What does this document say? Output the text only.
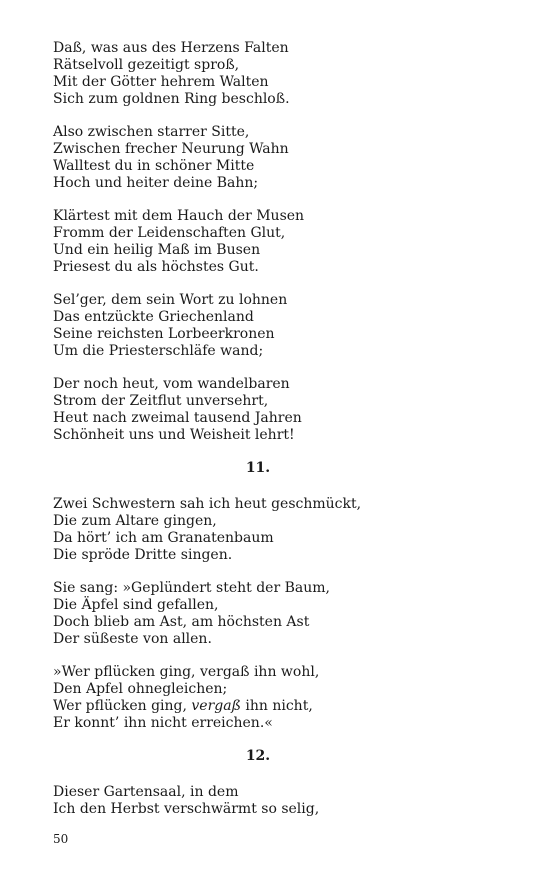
Daß, was aus des Herzens Falten
Rätselvoll gezeitigt sproß,
Mit der Götter hehrem Walten
Sich zum goldnen Ring beschloß.
Also zwischen starrer Sitte,
Zwischen frecher Neurung Wahn
Walltest du in schöner Mitte
Hoch und heiter deine Bahn;
Klärtest mit dem Hauch der Musen
Fromm der Leidenschaften Glut,
Und ein heilig Maß im Busen
Priesest du als höchstes Gut.
Sel’ger, dem sein Wort zu lohnen
Das entzückte Griechenland
Seine reichsten Lorbeerkronen
Um die Priesterschläfe wand;
Der noch heut, vom wandelbaren
Strom der Zeitflut unversehrt,
Heut nach zweimal tausend Jahren
Schönheit uns und Weisheit lehrt!
11.
Zwei Schwestern sah ich heut geschmückt,
Die zum Altare gingen,
Da hört’ ich am Granatenbaum
Die spröde Dritte singen.
Sie sang: »Geplündert steht der Baum,
Die Äpfel sind gefallen,
Doch blieb am Ast, am höchsten Ast
Der süßeste von allen.
»Wer pflücken ging, vergaß ihn wohl,
Den Apfel ohnegleichen;
Wer pflücken ging, vergaß ihn nicht,
Er konnt’ ihn nicht erreichen.«
12.
Dieser Gartensaal, in dem
Ich den Herbst verschwärmt so selig,
50
